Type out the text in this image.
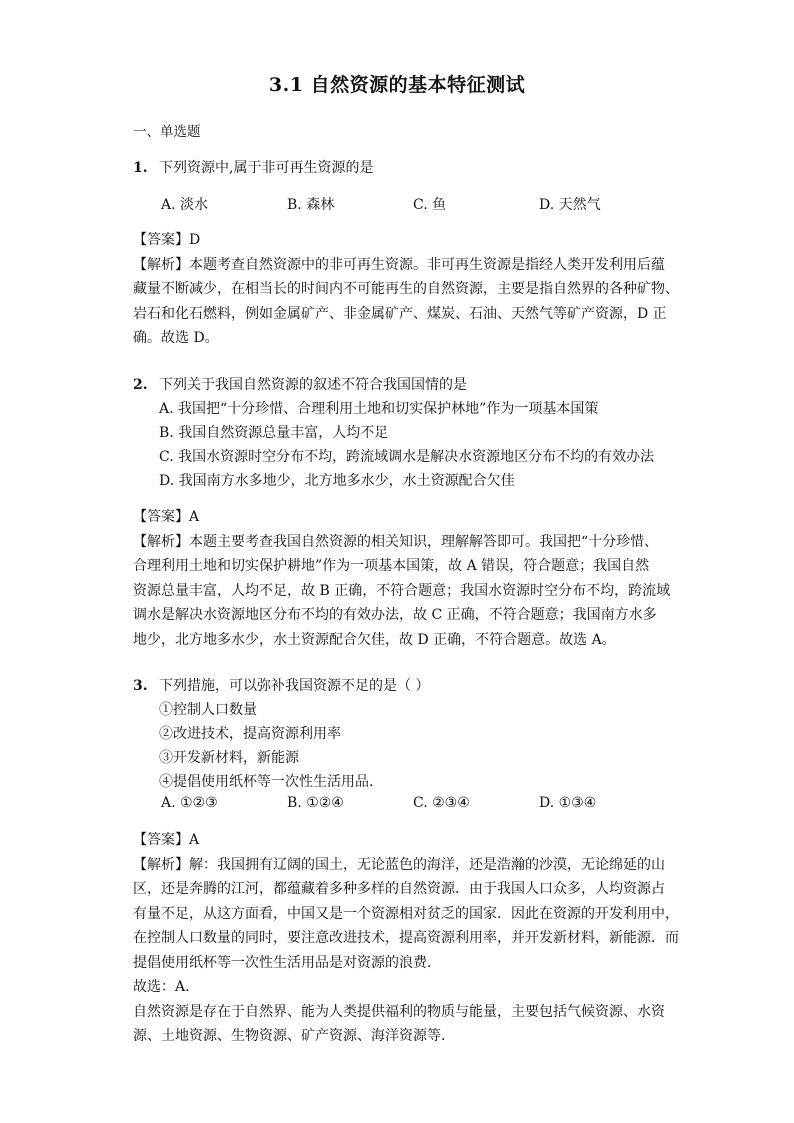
3.1 自然资源的基本特征测试
一、单选题
1. 下列资源中,属于非可再生资源的是
A. 淡水	B. 森林	C. 鱼	D. 天然气
【答案】D
【解析】本题考查自然资源中的非可再生资源。非可再生资源是指经人类开发利用后蕴
藏量不断减少，在相当长的时间内不可能再生的自然资源，主要是指自然界的各种矿物、
岩石和化石燃料，例如金属矿产、非金属矿产、煤炭、石油、天然气等矿产资源，D 正
确。故选 D。
2. 下列关于我国自然资源的叙述不符合我国国情的是
A. 我国把“十分珍惜、合理利用土地和切实保护林地”作为一项基本国策
B. 我国自然资源总量丰富，人均不足
C. 我国水资源时空分布不均，跨流域调水是解决水资源地区分布不均的有效办法
D. 我国南方水多地少，北方地多水少，水土资源配合欠佳
【答案】A
【解析】本题主要考查我国自然资源的相关知识，理解解答即可。我国把“十分珍惜、
合理利用土地和切实保护耕地”作为一项基本国策，故 A 错误，符合题意；我国自然
资源总量丰富，人均不足，故 B 正确，不符合题意；我国水资源时空分布不均，跨流域
调水是解决水资源地区分布不均的有效办法，故 C 正确，不符合题意；我国南方水多
地少，北方地多水少，水土资源配合欠佳，故 D 正确，不符合题意。故选 A。
3. 下列措施，可以弥补我国资源不足的是（ ）
①控制人口数量
②改进技术，提高资源利用率
③开发新材料，新能源
④提倡使用纸杯等一次性生活用品.
A. ①②③	B. ①②④	C. ②③④	D. ①③④
【答案】A
【解析】解：我国拥有辽阔的国土，无论蓝色的海洋，还是浩瀚的沙漠，无论绵延的山
区，还是奔腾的江河，都蕴藏着多种多样的自然资源．由于我国人口众多，人均资源占
有量不足，从这方面看，中国又是一个资源相对贫乏的国家．因此在资源的开发利用中，
在控制人口数量的同时，要注意改进技术，提高资源利用率，并开发新材料，新能源．而
提倡使用纸杯等一次性生活用品是对资源的浪费．
故选：A．
自然资源是存在于自然界、能为人类提供福利的物质与能量，主要包括气候资源、水资
源、土地资源、生物资源、矿产资源、海洋资源等．
